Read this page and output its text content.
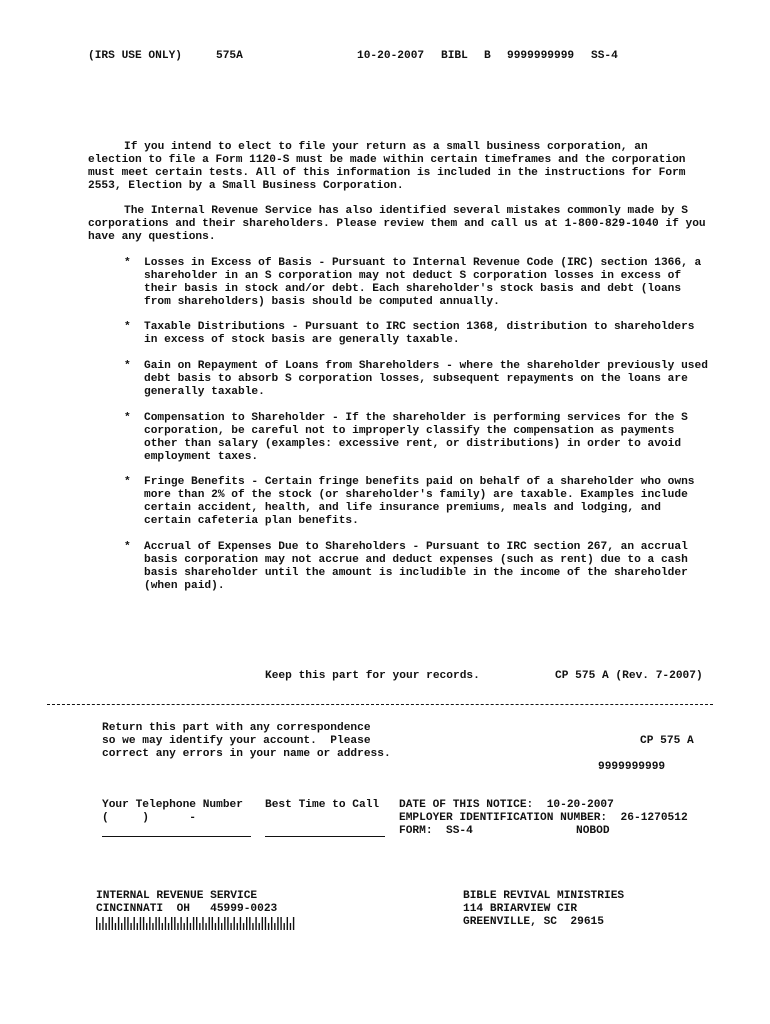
(IRS USE ONLY)	575A	10-20-2007 BIBL B 9999999999 SS-4
If you intend to elect to file your return as a small business corporation, an election to file a Form 1120-S must be made within certain timeframes and the corporation must meet certain tests. All of this information is included in the instructions for Form 2553, Election by a Small Business Corporation.
The Internal Revenue Service has also identified several mistakes commonly made by S corporations and their shareholders. Please review them and call us at 1-800-829-1040 if you have any questions.
* Losses in Excess of Basis - Pursuant to Internal Revenue Code (IRC) section 1366, a shareholder in an S corporation may not deduct S corporation losses in excess of their basis in stock and/or debt. Each shareholder's stock basis and debt (loans from shareholders) basis should be computed annually.
* Taxable Distributions - Pursuant to IRC section 1368, distribution to shareholders in excess of stock basis are generally taxable.
* Gain on Repayment of Loans from Shareholders - where the shareholder previously used debt basis to absorb S corporation losses, subsequent repayments on the loans are generally taxable.
* Compensation to Shareholder - If the shareholder is performing services for the S corporation, be careful not to improperly classify the compensation as payments other than salary (examples: excessive rent, or distributions) in order to avoid employment taxes.
* Fringe Benefits - Certain fringe benefits paid on behalf of a shareholder who owns more than 2% of the stock (or shareholder's family) are taxable. Examples include certain accident, health, and life insurance premiums, meals and lodging, and certain cafeteria plan benefits.
* Accrual of Expenses Due to Shareholders - Pursuant to IRC section 267, an accrual basis corporation may not accrue and deduct expenses (such as rent) due to a cash basis shareholder until the amount is includible in the income of the shareholder (when paid).
Keep this part for your records.	CP 575 A (Rev. 7-2007)
Return this part with any correspondence
so we may identify your account.  Please
correct any errors in your name or address.
CP 575 A
9999999999
Your Telephone Number Best Time to Call
(     )      -
DATE OF THIS NOTICE:  10-20-2007
EMPLOYER IDENTIFICATION NUMBER:  26-1270512
FORM:  SS-4	NOBOD
INTERNAL REVENUE SERVICE
CINCINNATI  OH   45999-0023
BIBLE REVIVAL MINISTRIES
114 BRIARVIEW CIR
GREENVILLE, SC  29615
